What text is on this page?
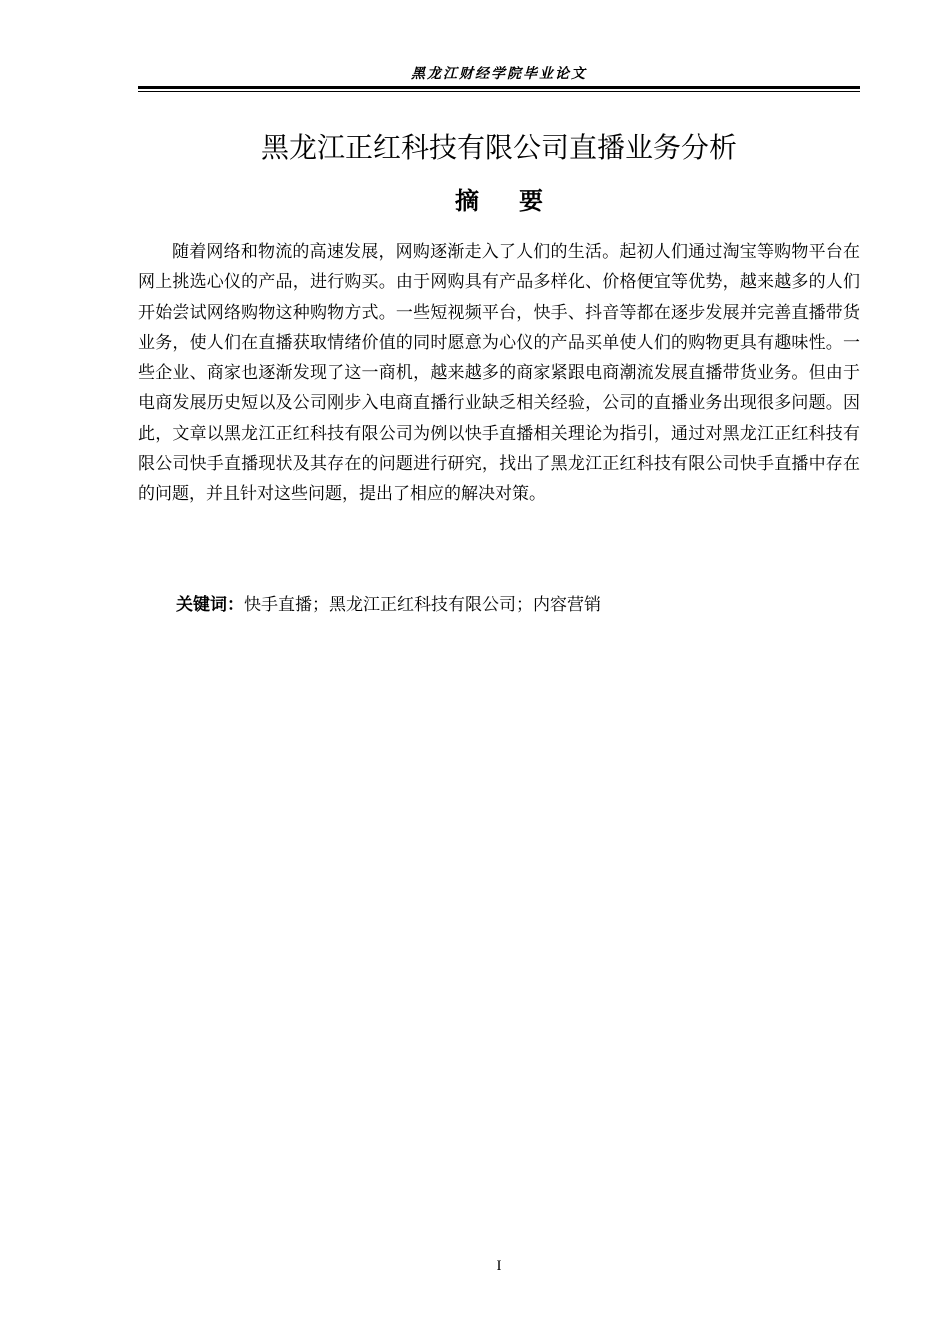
黑龙江财经学院毕业论文
黑龙江正红科技有限公司直播业务分析
摘要

随着网络和物流的高速发展，网购逐渐走入了人们的生活。起初人们通过淘宝等购物平台在网上挑选心仪的产品，进行购买。由于网购具有产品多样化、价格便宜等优势，越来越多的人们开始尝试网络购物这种购物方式。一些短视频平台，快手、抖音等都在逐步发展并完善直播带货业务，使人们在直播获取情绪价值的同时愿意为心仪的产品买单使人们的购物更具有趣味性。一些企业、商家也逐渐发现了这一商机，越来越多的商家紧跟电商潮流发展直播带货业务。但由于电商发展历史短以及公司刚步入电商直播行业缺乏相关经验，公司的直播业务出现很多问题。因此，文章以黑龙江正红科技有限公司为例以快手直播相关理论为指引，通过对黑龙江正红科技有限公司快手直播现状及其存在的问题进行研究，找出了黑龙江正红科技有限公司快手直播中存在的问题，并且针对这些问题，提出了相应的解决对策。

关键词：快手直播；黑龙江正红科技有限公司；内容营销
I
